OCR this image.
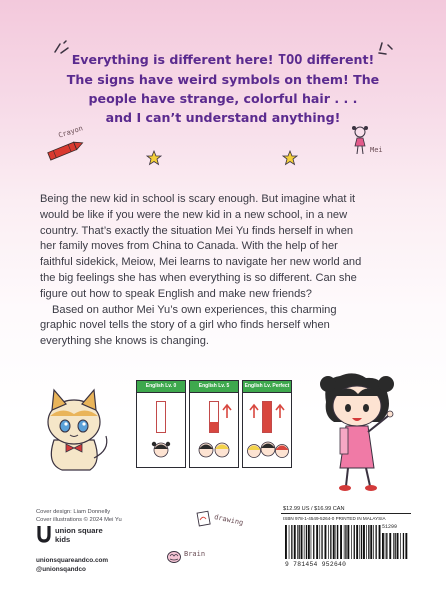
Everything is different here! TOO different!
The signs have weird symbols on them! The
people have strange, colorful hair . . .
and I can’t understand anything!
Crayon
Mei

Being the new kid in school is scary enough. But imagine what it

would be like if you were the new kid in a new school, in a new

country. That’s exactly the situation Mei Yu finds herself in when

her family moves from China to Canada. With the help of her

faithful sidekick, Meiow, Mei learns to navigate her new world and

the big feelings she has when everything is so different. Can she

figure out how to speak English and make new friends?

Based on author Mei Yu’s own experiences, this charming

graphic novel tells the story of a girl who finds herself when

everything she knows is changing.

English Lv. 0	English Lv. 5	English Lv. Perfect
Cover design: Liam Donnelly
Cover illustrations © 2024 Mei Yu
union square
kids
unionsquareandco.com
@unionsqandco
Brain
drawing
$12.99 US / $16.99 CAN
ISBN 978-1-4549-5264-0 PRINTED IN MALAYSIA
51299
9 781454 952640
